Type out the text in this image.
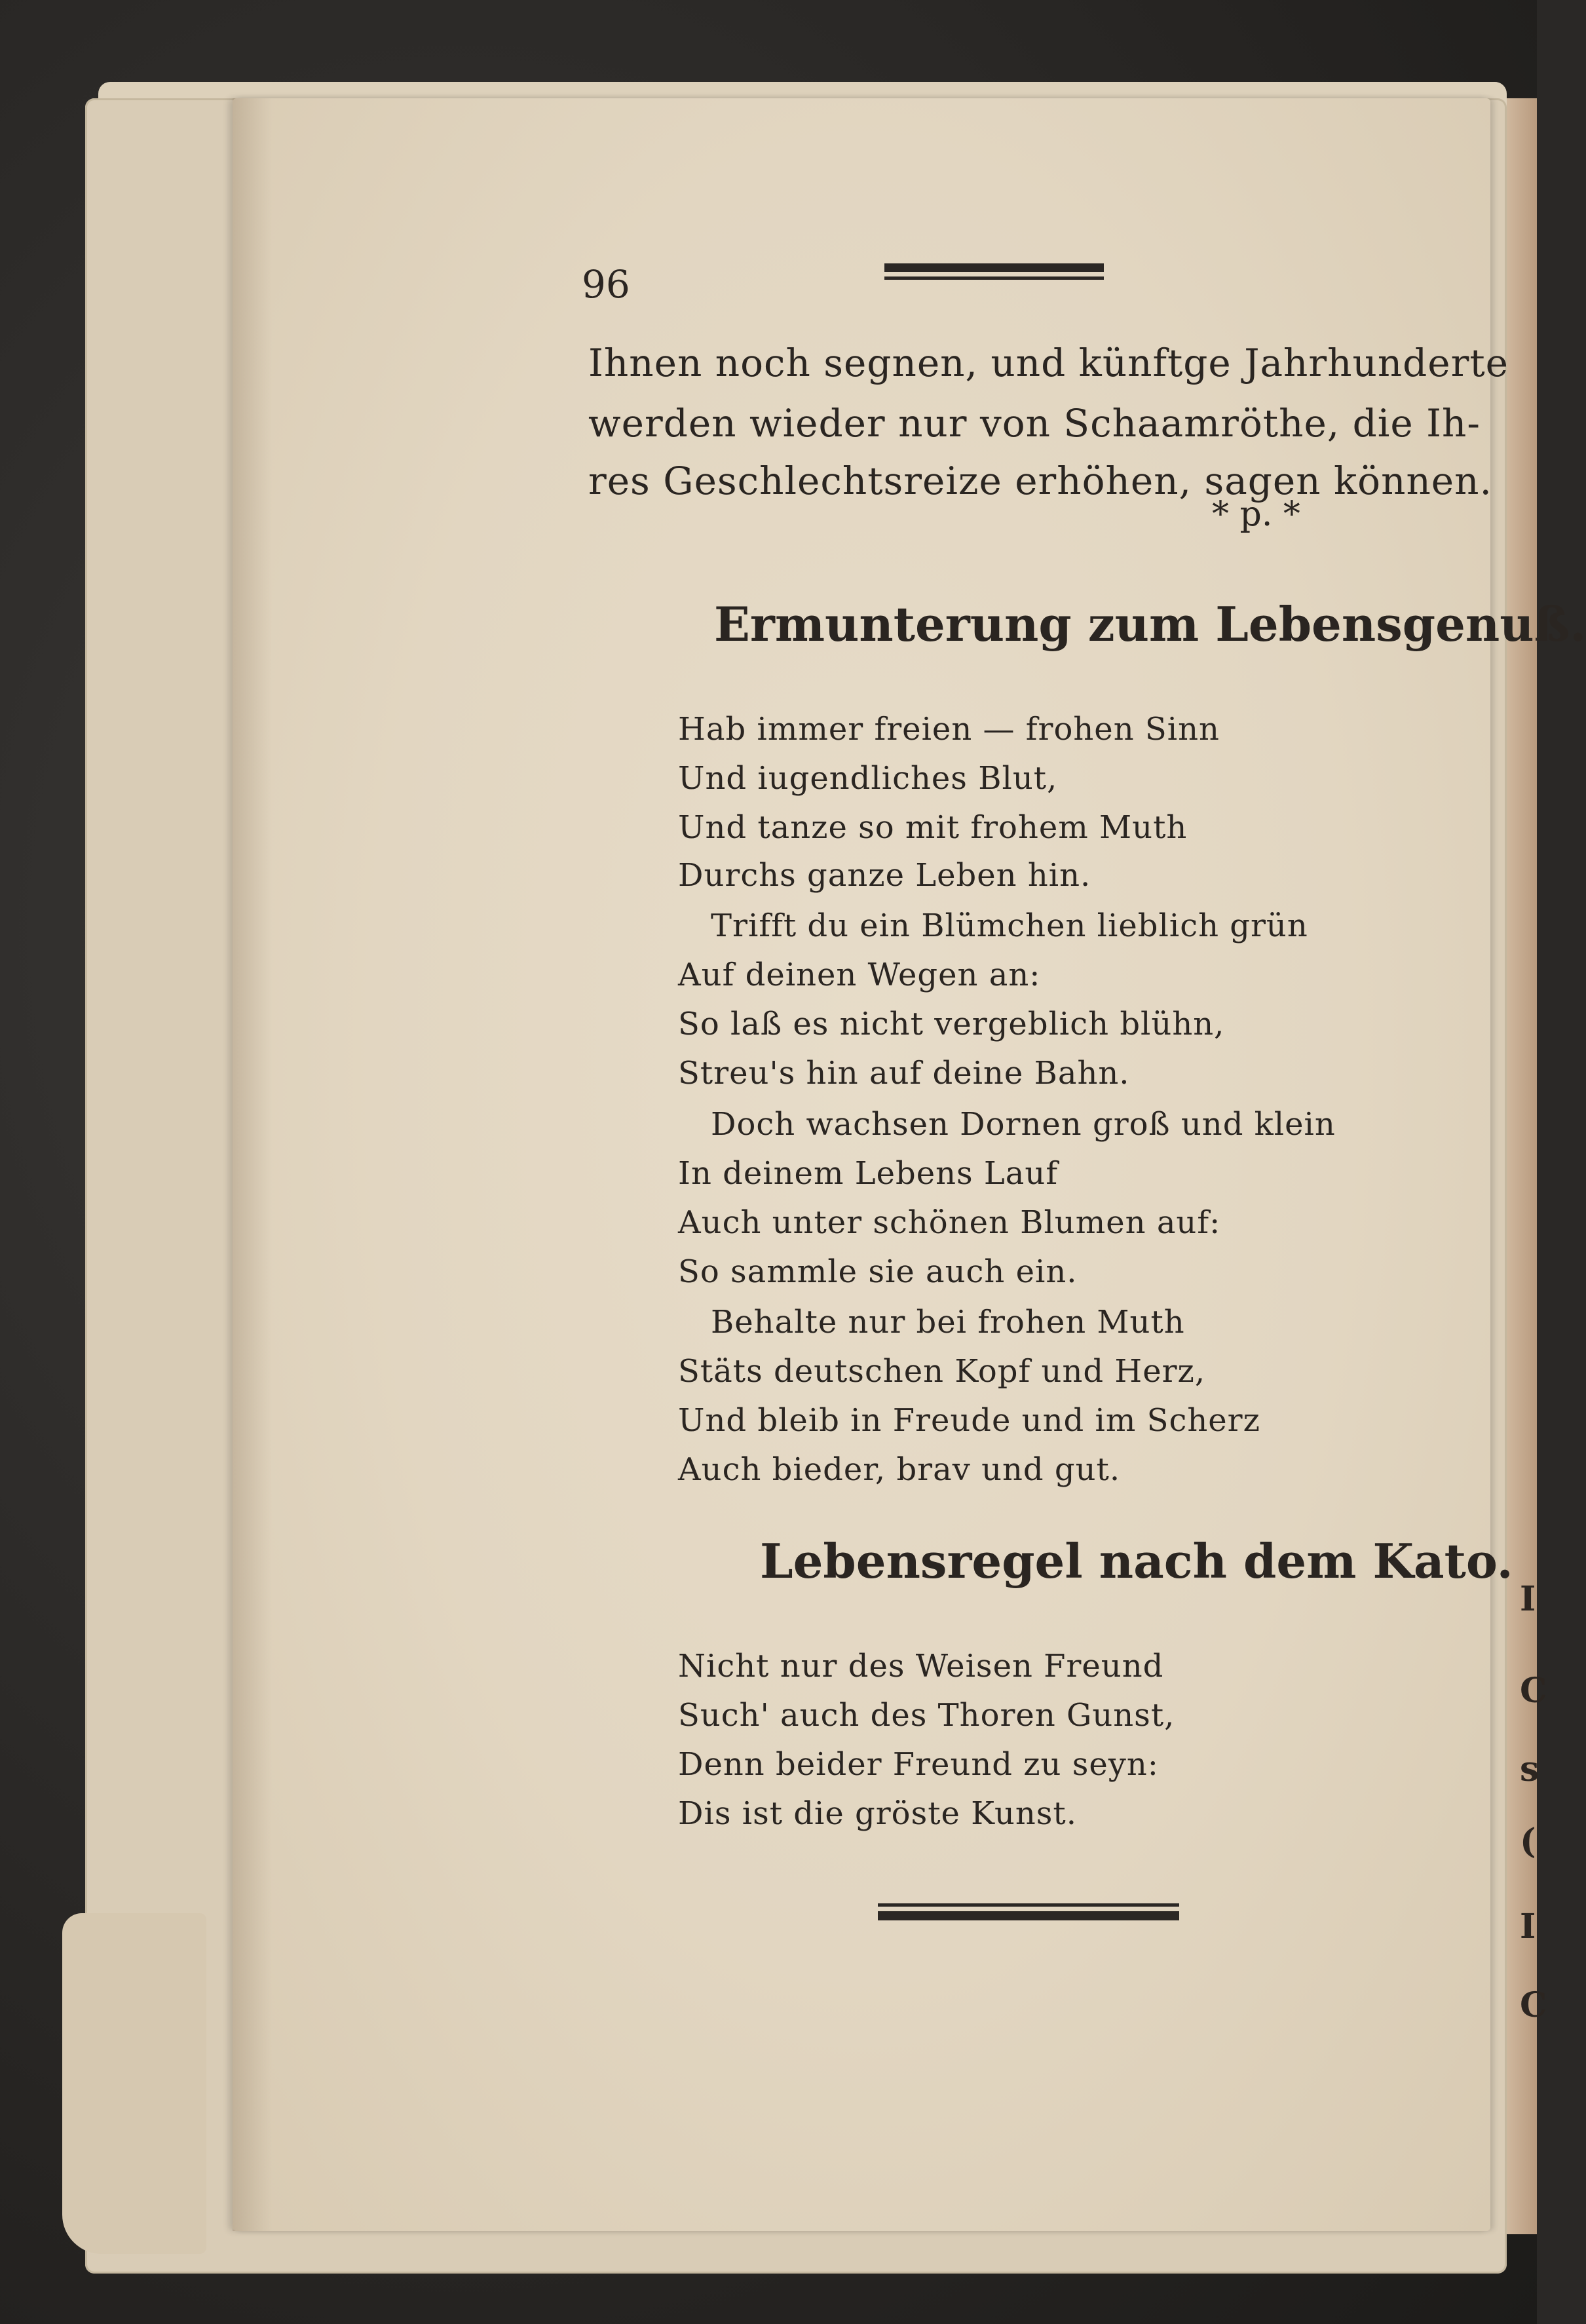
I
C
s
(
I
C
96
Ihnen noch segnen, und künftge Jahrhunderte
werden wieder nur von Schaamröthe, die Ih-
res Geschlechtsreize erhöhen, sagen können.
* p. *
Ermunterung zum Lebensgenuß.
Hab immer freien — frohen Sinn
Und iugendliches Blut,
Und tanze so mit frohem Muth
Durchs ganze Leben hin.
Trifft du ein Blümchen lieblich grün
Auf deinen Wegen an:
So laß es nicht vergeblich blühn,
Streu's hin auf deine Bahn.
Doch wachsen Dornen groß und klein
In deinem Lebens Lauf
Auch unter schönen Blumen auf:
So sammle sie auch ein.
Behalte nur bei frohen Muth
Stäts deutschen Kopf und Herz,
Und bleib in Freude und im Scherz
Auch bieder, brav und gut.
Lebensregel nach dem Kato.
Nicht nur des Weisen Freund
Such' auch des Thoren Gunst,
Denn beider Freund zu seyn:
Dis ist die gröste Kunst.
